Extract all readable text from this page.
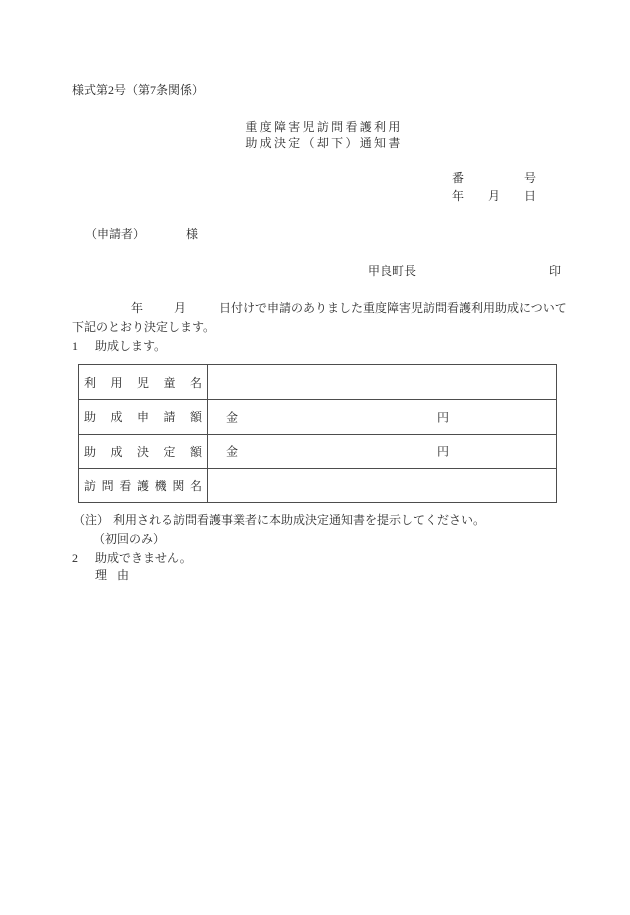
様式第2号（第7条関係）
重度障害児訪問看護利用
助成決定（却下）通知書
番	号
年 月 日
（申請者）	様
甲良町長	印
年	月	日付けで申請のありました重度障害児訪問看護利用助成について
下記のとおり決定します。
1 助成します。
利用児童名
助成申請額 金	円
助成決定額 金	円
訪問看護機関名
（注） 利用される訪問看護事業者に本助成決定通知書を提示してください。
（初回のみ）
2 助成できません。
理 由
